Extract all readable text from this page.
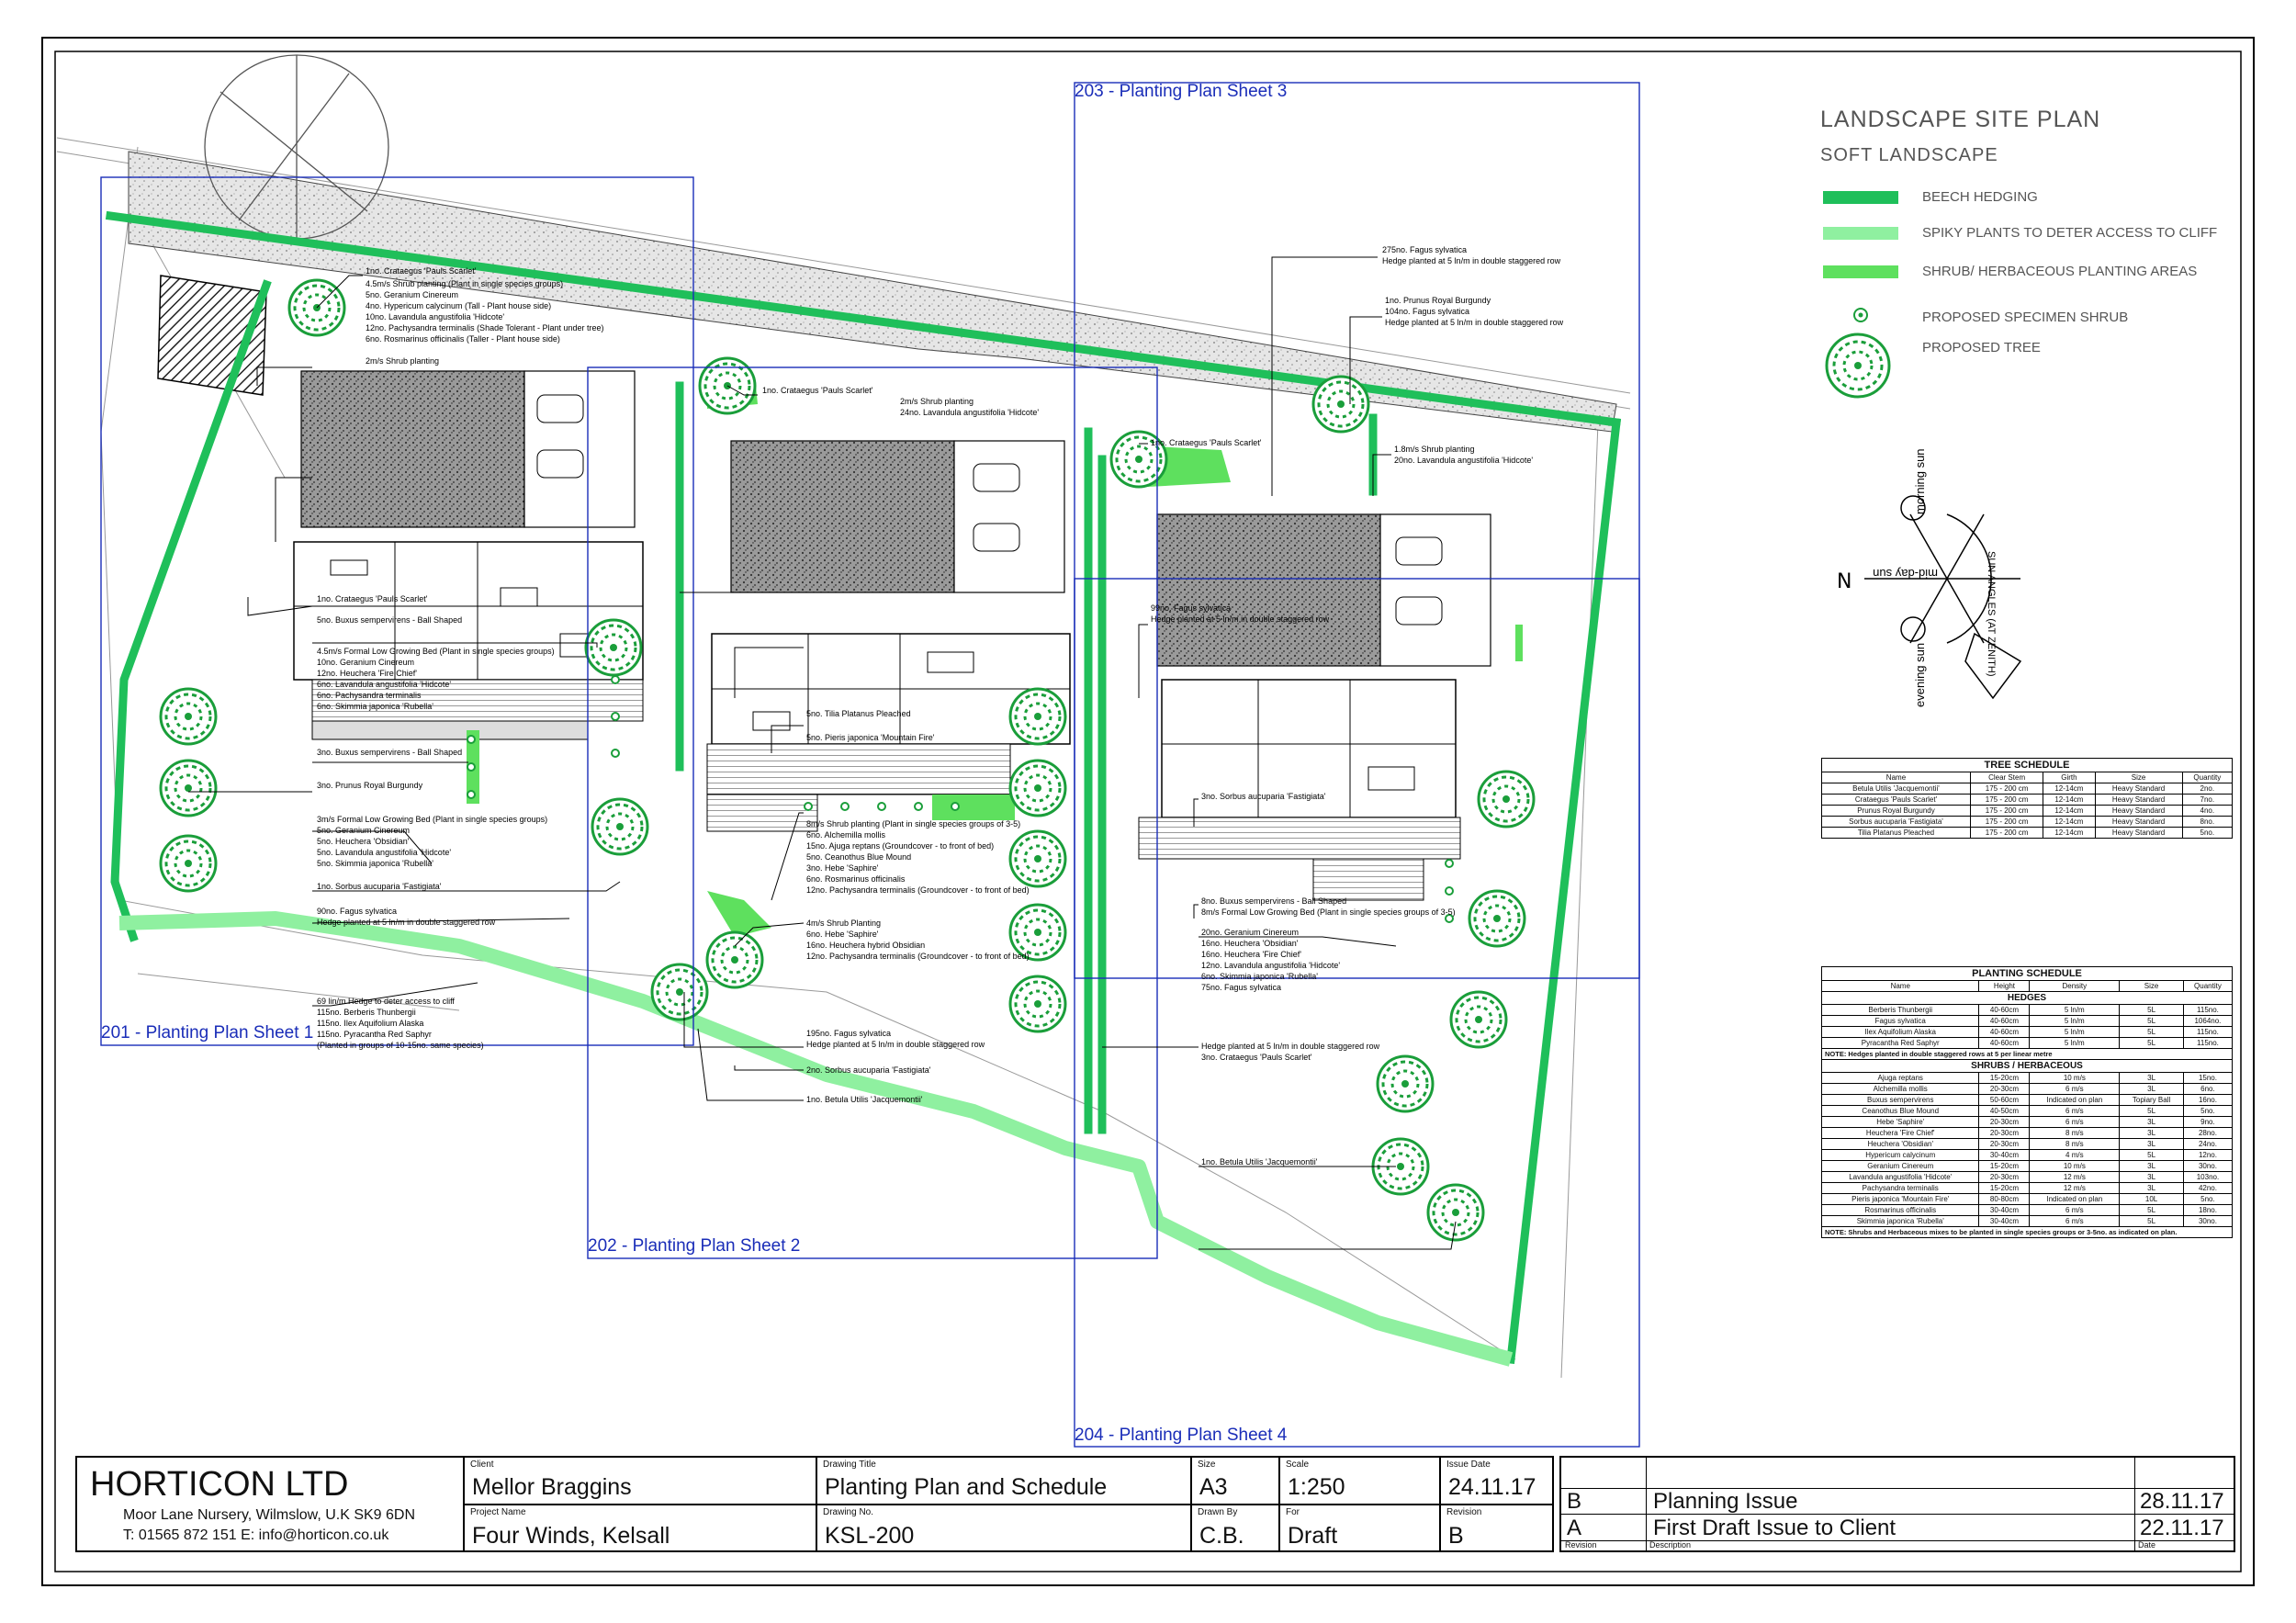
N
morning sun
evening sun
mid-day sun	SUN ANGLES (AT ZENITH)
1no. Crataegus 'Pauls Scarlet'
4.5m/s Shrub planting (Plant in single species groups)
5no. Geranium Cinereum
4no. Hypericum calycinum (Tall - Plant house side)
10no. Lavandula angustifolia 'Hidcote'
12no. Pachysandra terminalis (Shade Tolerant - Plant under tree)
6no. Rosmarinus officinalis (Taller - Plant house side)
2m/s Shrub planting
1no. Crataegus 'Pauls Scarlet'
5no. Buxus sempervirens - Ball Shaped
4.5m/s Formal Low Growing Bed (Plant in single species groups)
10no. Geranium Cinereum
12no. Heuchera 'Fire Chief'
6no. Lavandula angustifolia 'Hidcote'
6no. Pachysandra terminalis
6no. Skimmia japonica 'Rubella'
3no. Buxus sempervirens - Ball Shaped
3no. Prunus Royal Burgundy
3m/s Formal Low Growing Bed (Plant in single species groups)
5no. Geranium Cinereum
5no. Heuchera 'Obsidian'
5no. Lavandula angustifolia 'Hidcote'
5no. Skimmia japonica 'Rubella'
1no. Sorbus aucuparia 'Fastigiata'
90no. Fagus sylvatica
Hedge planted at 5 ln/m in double staggered row
69 lin/m Hedge to deter access to cliff
115no. Berberis Thunbergii
115no. Ilex Aquifolium Alaska
115no. Pyracantha Red Saphyr
(Planted in groups of 10-15no. same species)
1no. Crataegus 'Pauls Scarlet'
2m/s Shrub planting
24no. Lavandula angustifolia 'Hidcote'
5no. Tilia Platanus Pleached
5no. Pieris japonica 'Mountain Fire'
8m/s Shrub planting (Plant in single species groups of 3-5)
6no. Alchemilla mollis
15no. Ajuga reptans (Groundcover - to front of bed)
5no. Ceanothus Blue Mound
3no. Hebe 'Saphire'
6no. Rosmarinus officinalis
12no. Pachysandra terminalis (Groundcover - to front of bed)
4m/s Shrub Planting
6no. Hebe 'Saphire'
16no. Heuchera hybrid Obsidian
12no. Pachysandra terminalis (Groundcover - to front of bed)
195no. Fagus sylvatica
Hedge planted at 5 ln/m in double staggered row
2no. Sorbus aucuparia 'Fastigiata'
1no. Betula Utilis 'Jacquemontii'
275no. Fagus sylvatica
Hedge planted at 5 ln/m in double staggered row
1no. Prunus Royal Burgundy
104no. Fagus sylvatica
Hedge planted at 5 ln/m in double staggered row
1.8m/s Shrub planting
20no. Lavandula angustifolia 'Hidcote'
1no. Crataegus 'Pauls Scarlet'
99no. Fagus sylvatica
Hedge planted at 5 ln/m in double staggered row
3no. Sorbus aucuparia 'Fastigiata'
8no. Buxus sempervirens - Ball Shaped
8m/s Formal Low Growing Bed (Plant in single species groups of 3-5)
20no. Geranium Cinereum
16no. Heuchera 'Obsidian'
16no. Heuchera 'Fire Chief'
12no. Lavandula angustifolia 'Hidcote'
6no. Skimmia japonica 'Rubella'
75no. Fagus sylvatica
Hedge planted at 5 ln/m in double staggered row
3no. Crataegus 'Pauls Scarlet'
1no. Betula Utilis 'Jacquemontii'
201 - Planting Plan Sheet 1
202 - Planting Plan Sheet 2
203 - Planting Plan Sheet 3
204 - Planting Plan Sheet 4
LANDSCAPE SITE PLAN
SOFT LANDSCAPE
BEECH HEDGING
SPIKY PLANTS TO DETER ACCESS TO CLIFF
SHRUB/ HERBACEOUS PLANTING AREAS
PROPOSED SPECIMEN SHRUB
PROPOSED TREE
TREE SCHEDULE				
Name	Clear Stem	Girth	Size	Quantity
Betula Utilis 'Jacquemontii'	175 - 200 cm	12-14cm	Heavy Standard	2no.
Crataegus 'Pauls Scarlet'	175 - 200 cm	12-14cm	Heavy Standard	7no.
Prunus Royal Burgundy	175 - 200 cm	12-14cm	Heavy Standard	4no.
Sorbus aucuparia 'Fastigiata'	175 - 200 cm	12-14cm	Heavy Standard	8no.
Tilia Platanus Pleached	175 - 200 cm	12-14cm	Heavy Standard	5no.
PLANTING SCHEDULE				
Name	Height	Density	Size	Quantity
HEDGES				
Berberis Thunbergii	40-60cm	5 ln/m	5L	115no.
Fagus sylvatica	40-60cm	5 ln/m	5L	1064no.
Ilex Aquifolium Alaska	40-60cm	5 ln/m	5L	115no.
Pyracantha Red Saphyr	40-60cm	5 ln/m	5L	115no.
NOTE: Hedges planted in double staggered rows at 5 per linear metre				
SHRUBS / HERBACEOUS				
Ajuga reptans	15-20cm	10 m/s	3L	15no.
Alchemilla mollis	20-30cm	6 m/s	3L	6no.
Buxus sempervirens	50-60cm	Indicated on plan	Topiary Ball	16no.
Ceanothus Blue Mound	40-50cm	6 m/s	5L	5no.
Hebe 'Saphire'	20-30cm	6 m/s	3L	9no.
Heuchera 'Fire Chief'	20-30cm	8 m/s	3L	28no.
Heuchera 'Obsidian'	20-30cm	8 m/s	3L	24no.
Hypericum calycinum	30-40cm	4 m/s	5L	12no.
Geranium Cinereum	15-20cm	10 m/s	3L	30no.
Lavandula angustifolia 'Hidcote'	20-30cm	12 m/s	3L	103no.
Pachysandra terminalis	15-20cm	12 m/s	3L	42no.
Pieris japonica 'Mountain Fire'	80-80cm	Indicated on plan	10L	5no.
Rosmarinus officinalis	30-40cm	6 m/s	5L	18no.
Skimmia japonica 'Rubella'	30-40cm	6 m/s	5L	30no.
NOTE: Shrubs and Herbaceous mixes to be planted in single species groups or 3-5no. as indicated on plan.				
HORTICON LTD
Moor Lane Nursery, Wilmslow, U.K SK9 6DN
T: 01565 872 151 E: info@horticon.co.uk
Client
Mellor Braggins
Project Name
Four Winds, Kelsall
Drawing Title
Planting Plan and Schedule
Drawing No.
KSL-200
Size
A3
Drawn By
C.B.
Scale
1:250
For
Draft
Issue Date
24.11.17
Revision
B
B	Planning Issue	28.11.17
A	First Draft Issue to Client	22.11.17
Revision	Description	Date
